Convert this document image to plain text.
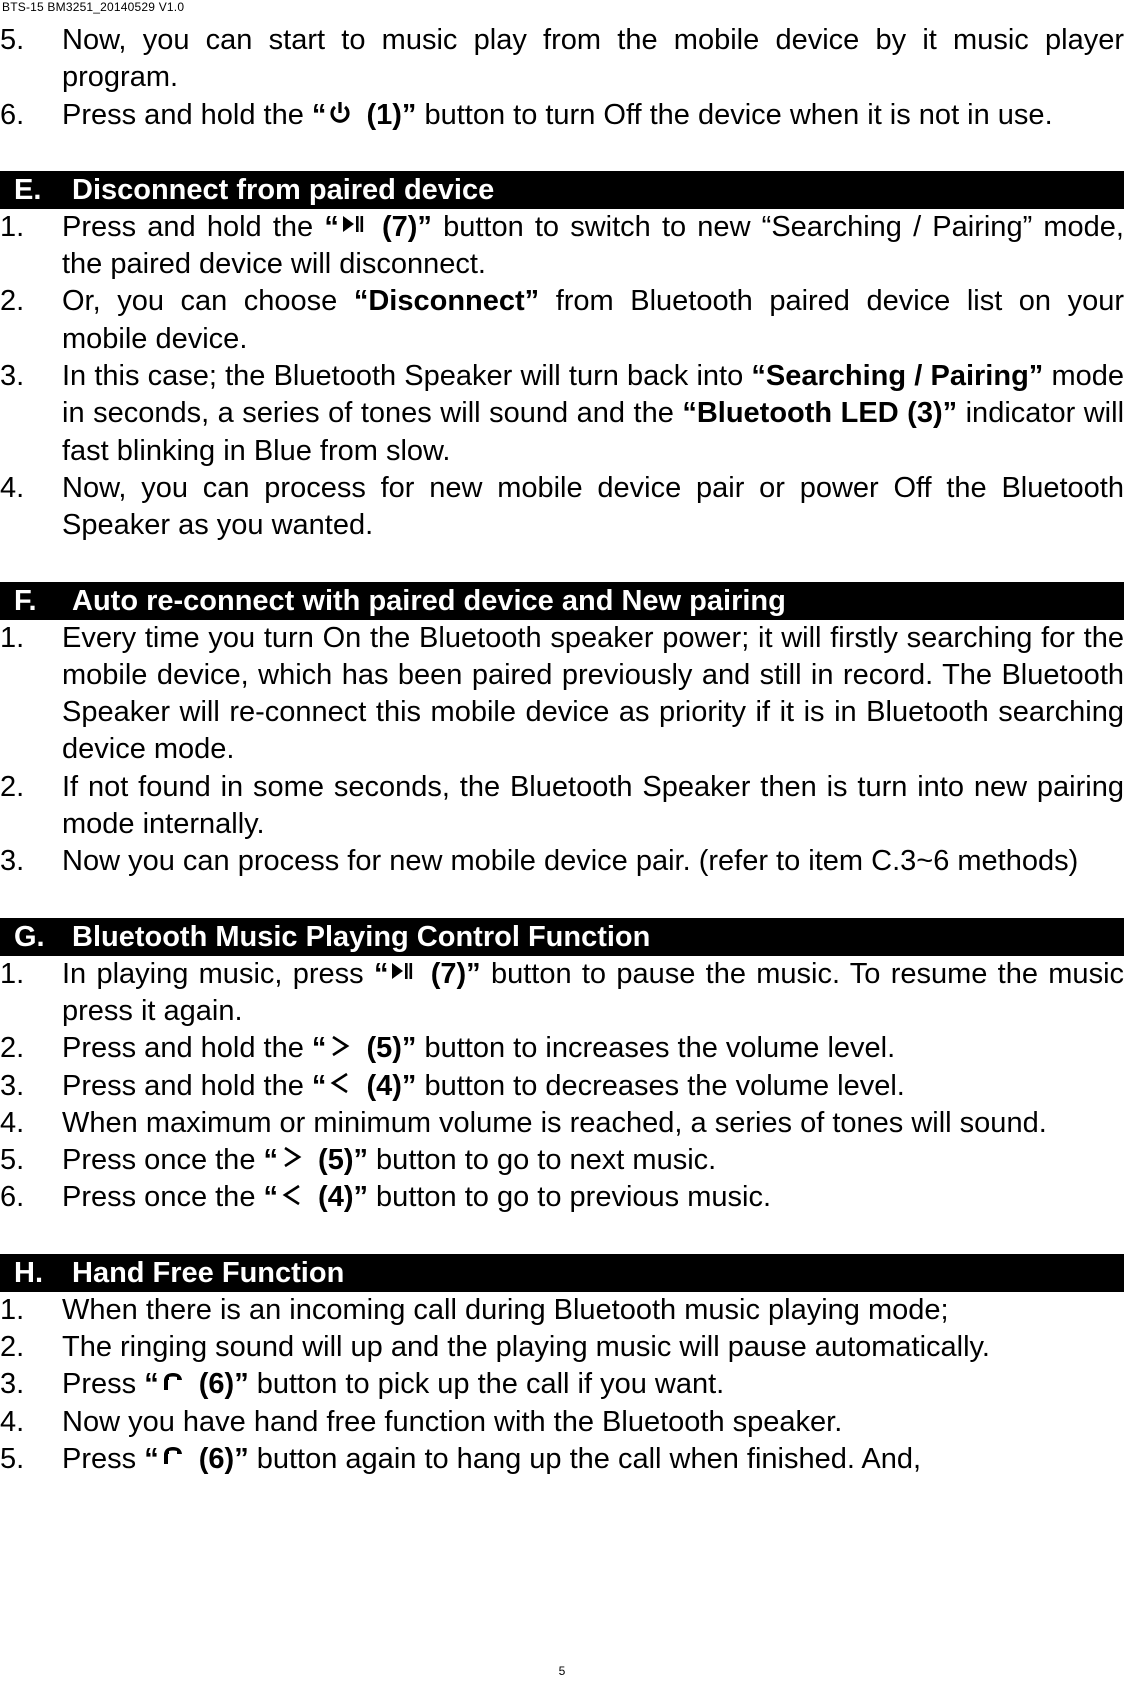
BTS-15 BM3251_20140529 V1.0
5. Now, you can start to music play from the mobile device by it music player program.
6. Press and hold the “
(1)” button to turn Off the device when it is not in use.
E. Disconnect from paired device
1. Press and hold the “
(7)” button to switch to new “Searching / Pairing” mode, the paired device will disconnect.
2. Or, you can choose “Disconnect” from Bluetooth paired device list on your mobile device.
3. In this case; the Bluetooth Speaker will turn back into “Searching / Pairing” mode in seconds, a series of tones will sound and the “Bluetooth LED (3)” indicator will fast blinking in Blue from slow.
4. Now, you can process for new mobile device pair or power Off the Bluetooth Speaker as you wanted.
F. Auto re-connect with paired device and New pairing
1. Every time you turn On the Bluetooth speaker power; it will firstly searching for the mobile device, which has been paired previously and still in record. The Bluetooth Speaker will re-connect this mobile device as priority if it is in Bluetooth searching device mode.
2. If not found in some seconds, the Bluetooth Speaker then is turn into new pairing mode internally.
3. Now you can process for new mobile device pair. (refer to item C.3~6 methods)
G. Bluetooth Music Playing Control Function
1. In playing music, press “
(7)” button to pause the music. To resume the music press it again.
2. Press and hold the “
(5)” button to increases the volume level.
3. Press and hold the “
(4)” button to decreases the volume level.
4. When maximum or minimum volume is reached, a series of tones will sound.
5. Press once the “
(5)” button to go to next music.
6. Press once the “
(4)” button to go to previous music.
H. Hand Free Function
1. When there is an incoming call during Bluetooth music playing mode;
2. The ringing sound will up and the playing music will pause automatically.
3. Press “
(6)” button to pick up the call if you want.
4. Now you have hand free function with the Bluetooth speaker.
5. Press “
(6)” button again to hang up the call when finished. And,
5
